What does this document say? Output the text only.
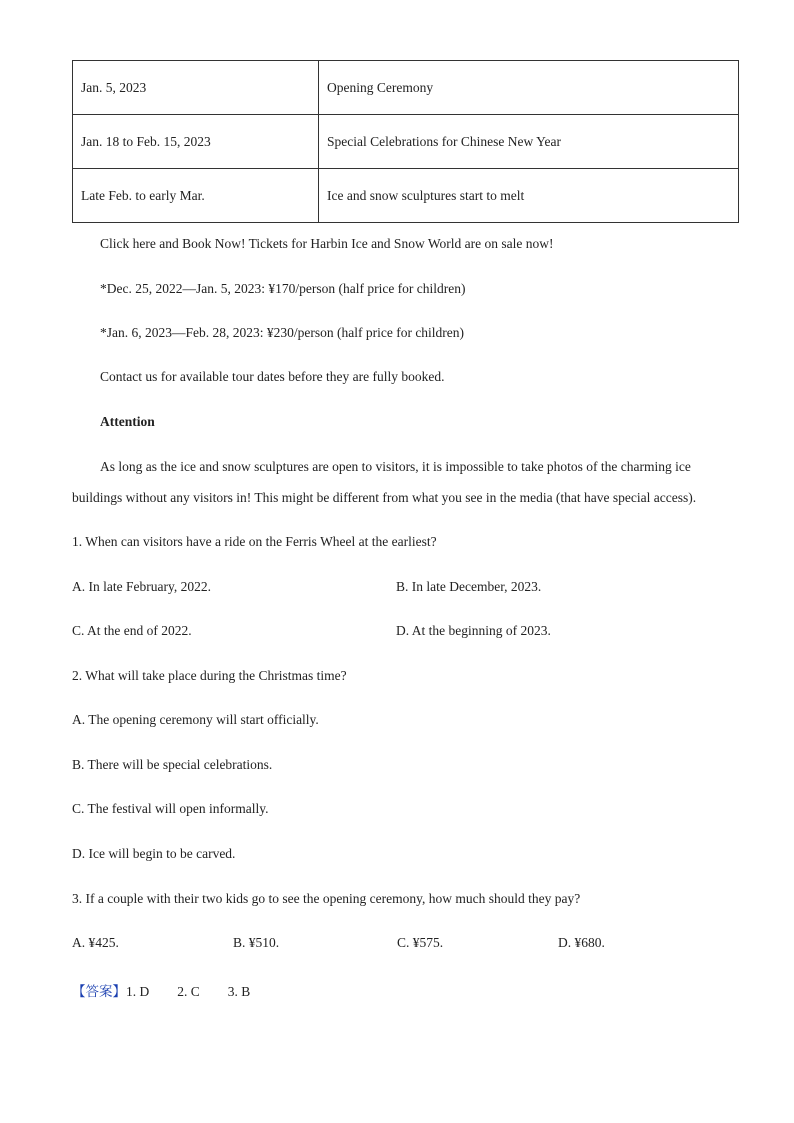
Jan. 5, 2023	Opening Ceremony
Jan. 18 to Feb. 15, 2023	Special Celebrations for Chinese New Year
Late Feb. to early Mar.	Ice and snow sculptures start to melt
Click here and Book Now! Tickets for Harbin Ice and Snow World are on sale now!
*Dec. 25, 2022—Jan. 5, 2023: ¥170/person (half price for children)
*Jan. 6, 2023—Feb. 28, 2023: ¥230/person (half price for children)
Contact us for available tour dates before they are fully booked.
Attention
As long as the ice and snow sculptures are open to visitors, it is impossible to take photos of the charming ice
buildings without any visitors in! This might be different from what you see in the media (that have special access).
1. When can visitors have a ride on the Ferris Wheel at the earliest?
A. In late February, 2022.	B. In late December, 2023.
C. At the end of 2022.	D. At the beginning of 2023.
2. What will take place during the Christmas time?
A. The opening ceremony will start officially.
B. There will be special celebrations.
C. The festival will open informally.
D. Ice will begin to be carved.
3. If a couple with their two kids go to see the opening ceremony, how much should they pay?
A. ¥425.	B. ¥510.	C. ¥575.	D. ¥680.
【答案】1. D 2. C 3. B
